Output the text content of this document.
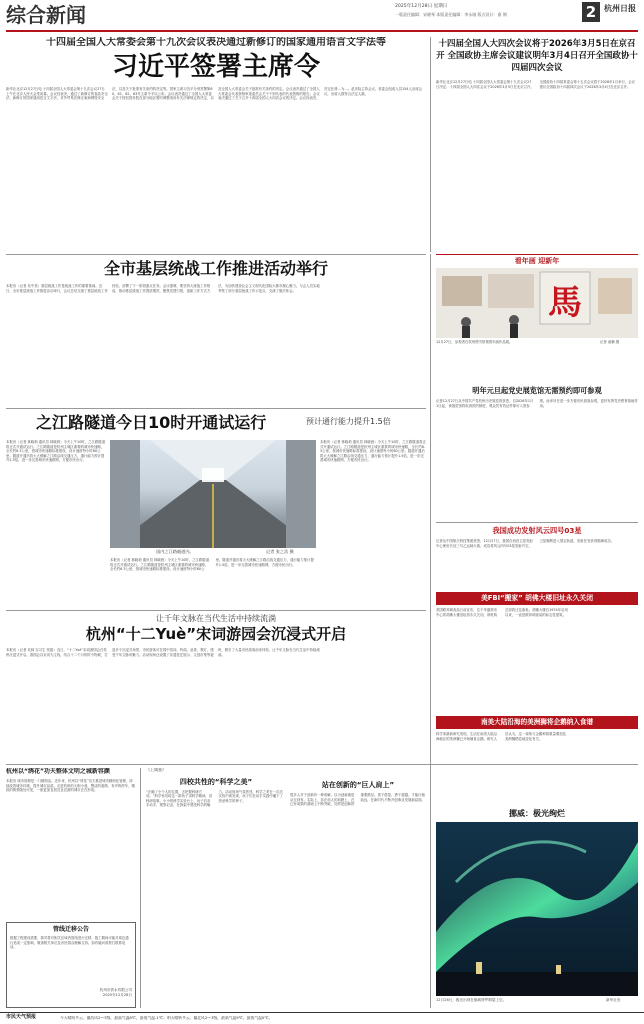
综合新闻	2025年12月28日 星期日
一版责任编辑：宋晓琴 本版责任编辑：李永刚 版式设计：俞 钢	2 杭州日报
十四届全国人大常委会第十九次会议表决通过新修订的国家通用语言文字法等
习近平签署主席令
新华社北京12月27日电 十四届全国人大常委会第十九次会议27日上午在北京人民大会堂闭幕。会议经表决，通过了新修订的食品安全法、新修订的国家通用语言文字法、对外贸易法修正案和网络安全法，以及关于批准有关条约的决定等。国家主席习近平分别签署第60、61、62、63号主席令予以公布。会议表决通过了全国人大常委会关于授权国务院在部分地区暂时调整适用有关法律规定的决定，以及全国人大常委会关于批准有关条约的决定。会议表决通过了全国人大常委会代表资格审查委员会关于个别代表的代表资格的报告。会议表决通过了关于召开十四届全国人大四次会议的决定。会议经表决，决定任命…为…。赵乐际主持会议，常委会组成人员154人出席会议，出席人数符合法定人数。
十四届全国人大四次会议将于2026年3月5日在京召开 全国政协主席会议建议明年3月4日召开全国政协十四届四次会议
新华社北京12月27日电 十四届全国人大常委会第十九次会议27日决定：十四届全国人大四次会议于2026年3月5日在北京召开。全国政协十四届常委会第十五次会议将于2026年1月举行，会议建议全国政协十四届四次会议于2026年3月4日在北京召开。
全市基层统战工作推进活动举行
本报讯（记者 吴中美）基层统战工作是统战工作的重要基础。近日，全市基层统战工作推进活动举行，会议总结交流了基层统战工作经验，部署了下一阶段重点任务。会议强调，要坚持大统战工作格局，推动基层统战工作提质增效，聚焦党建引领，创新工作方式方法，为加快建设社会主义现代化国际大都市凝心聚力。与会人员实地考察了部分基层统战工作示范点，交流了做法体会。
之江路隧道今日10时开通试运行	预计通行能力提升1.5倍
本报讯（记者 林晓莉 通讯员 林晓晨）今天上午10时，之江路隧道将正式开通试运行。之江路隧道是杭州主城区重要的城市快速路，全长约6.3公里，按城市快速路标准建设，设计速度每小时60公里。隧道开通后将大大缓解之江路沿线交通压力，通行能力预计提升1.5倍，进一步完善城市快速路网，方便市民出行。
国内之江路隧道内。	记者 张之浩 摄
本报讯（记者 林晓莉 通讯员 林晓晨）今天上午10时，之江路隧道将正式开通试运行。之江路隧道是杭州主城区重要的城市快速路，全长约6.3公里，按城市快速路标准建设，设计速度每小时60公里。隧道开通后将大大缓解之江路沿线交通压力，通行能力预计提升1.5倍，进一步完善城市快速路网，方便市民出行。
本报讯（记者 林晓莉 通讯员 林晓晨）今天上午10时，之江路隧道将正式开通试运行。之江路隧道是杭州主城区重要的城市快速路，全长约6.3公里，按城市快速路标准建设，设计速度每小时60公里。隧道开通后将大大缓解之江路沿线交通压力，通行能力预计提升1.5倍，进一步完善城市快速路网，方便市民出行。
让千年文脉在当代生活中持续流淌
杭州“十二Yuè”宋词游园会沉浸式开启
本报讯（记者 吴林 实习生 张振）近日，“十二Yuè”宋词游园会在杭州沉浸式开启。游园会以宋词为主线，结合十二个月的时令物候，打造多个沉浸式场景，市民游客可在园中赏词、听曲、品茶、观灯，感受千年文脉的魅力。活动现场还设置了非遗技艺展示、文创市集等板块，吸引了大量市民游客前来体验，让千年文脉在当代生活中持续流淌。
杭州以“绣花”功夫整体文明之城新容颜
本报讯 城市管理是一门精细活。近年来，杭州以“绣花”功夫推进城市精细化管理，持续改善城市环境，提升城市品质。走进杭州的大街小巷，整洁的道路、有序的停车、精致的街景随处可见，一座更加宜居宜业宜游的城市正在形成。
管线迁移公告
根据工程建设需要，我司将对相关区域内管线进行迁移，施工期间可能对周边通行造成一定影响，敬请相关单位及市民群众理解支持。如有疑问请拨打联系电话。
杭州市供水有限公司
2025年12月28日
《上城鉴》
四校共性的“科学之美”
“正确了小个人的位置，去把握科研方向。”科学家们给这一群孩子讲科学精神，讲科研故事。小小的科学实验台上，孩子们亲手动手，观察记录，在探索中感受科学的魅力。活动现场气氛热烈，科学之美在一次次实验中被发现，孩子们在动手实践中播下了热爱科学的种子。
站在创新的“巨人肩上”
很多人对于创新有一种误解，以为创新就是从无到有。实际上，站在前人的肩膀上，在已有成果的基础上不断突破，同样是创新的重要路径。善于借鉴、勇于超越，才能行稳致远，在新时代不断开创事业发展新局面。
看年画 迎新年
馬
12月27日，参观者在杭州图书馆观看年画作品展。	记者 俞鹏 摄
明年元旦起党史展览馆无需预约即可参观
记者12月27日从中国共产党杭州历史展览馆获悉，自2026年1月1日起，该展览馆将取消预约制度，观众凭有效证件即可入馆参观。此举旨在进一步方便市民游客参观，更好发挥党史教育基地作用。
我国成功发射风云四号03星
记者从中国航天科技集团获悉，12月27日，我国在西昌卫星发射中心使用长征三号乙运载火箭，成功将风云四号03星发射升空，卫星顺利进入预定轨道，发射任务获得圆满成功。
美FBI“搬家” 胡佛大楼旧址永久关闭
美国联邦调查局日前宣布，位于华盛顿市中心的胡佛大楼旧址将永久关闭，该机构总部将迁往新址。胡佛大楼自1974年启用以来，一直是联邦调查局的标志性建筑。
南美大陆沿海的美洲狮将企鹅纳入食谱
科学家最新研究发现，生活在南美大陆沿海地区的美洲狮已开始捕食企鹅。研究人员认为，这一现象与企鹅种群数量增加及美洲狮栖息地变化有关。
挪威：极光绚烂
12月26日，极光出现在挪威特罗姆瑟上空。	新华社发
市民天气预报	今天晴间多云，偏西风2～3级，最高气温8℃，最低气温-1℃；明天晴转多云，偏北风2～3级，最高气温9℃，最低气温0℃。
